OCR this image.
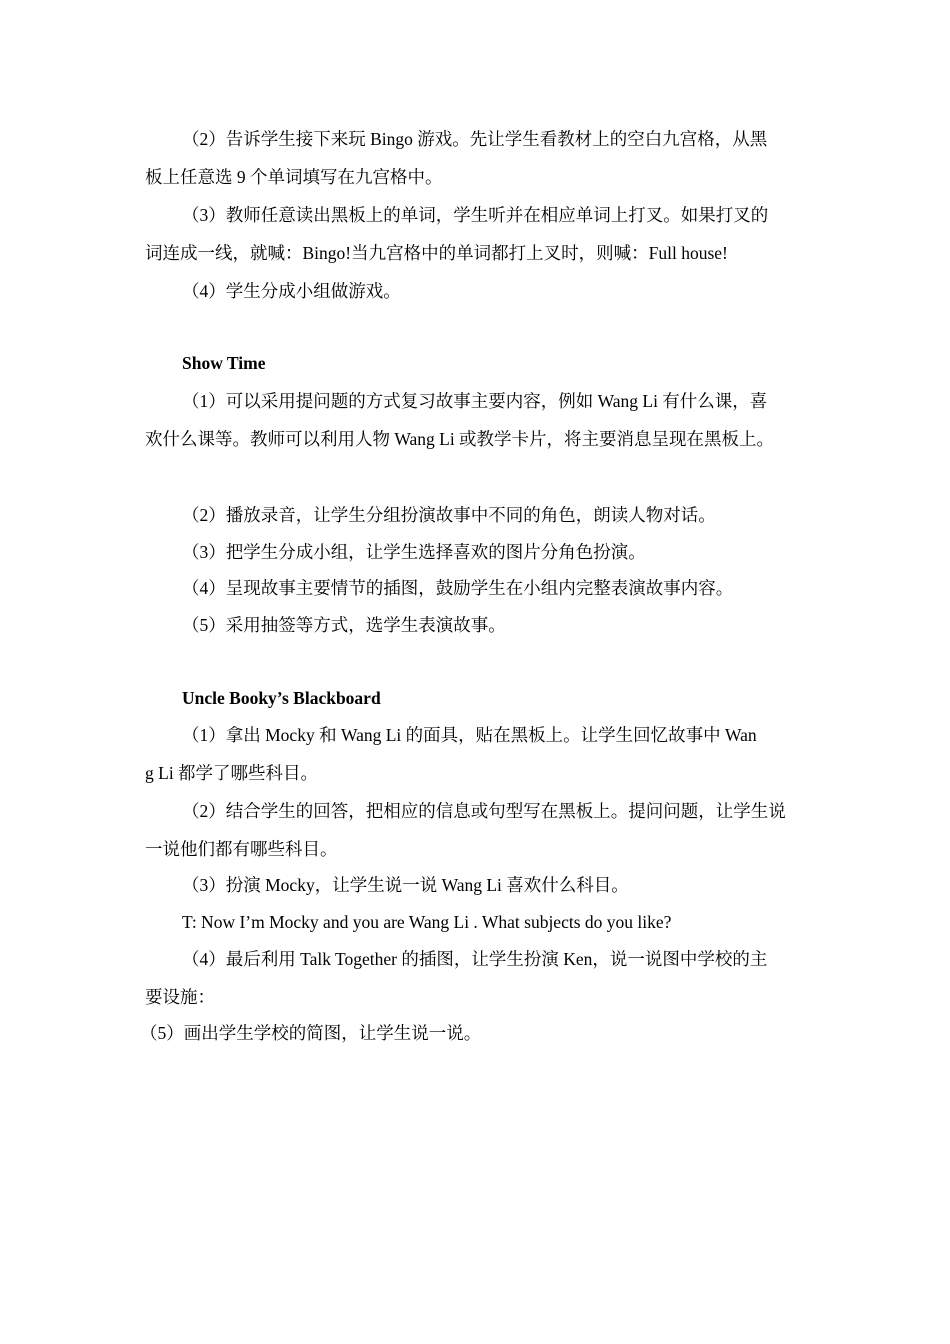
（2）告诉学生接下来玩 Bingo 游戏。先让学生看教材上的空白九宫格，从黑
板上任意选 9 个单词填写在九宫格中。
（3）教师任意读出黑板上的单词，学生听并在相应单词上打叉。如果打叉的
词连成一线，就喊：Bingo!当九宫格中的单词都打上叉时，则喊：Full house!
（4）学生分成小组做游戏。
Show Time
（1）可以采用提问题的方式复习故事主要内容，例如 Wang Li 有什么课，喜
欢什么课等。教师可以利用人物 Wang Li 或教学卡片，将主要消息呈现在黑板上。
（2）播放录音，让学生分组扮演故事中不同的角色，朗读人物对话。
（3）把学生分成小组，让学生选择喜欢的图片分角色扮演。
（4）呈现故事主要情节的插图，鼓励学生在小组内完整表演故事内容。
（5）采用抽签等方式，选学生表演故事。
Uncle Booky’s Blackboard
（1）拿出 Mocky 和 Wang Li 的面具，贴在黑板上。让学生回忆故事中 Wan
g Li 都学了哪些科目。
（2）结合学生的回答，把相应的信息或句型写在黑板上。提问问题，让学生说
一说他们都有哪些科目。
（3）扮演 Mocky，让学生说一说 Wang Li 喜欢什么科目。
T: Now I’m Mocky and you are Wang Li . What subjects do you like?
（4）最后利用 Talk Together 的插图，让学生扮演 Ken，说一说图中学校的主
要设施：
（5）画出学生学校的简图，让学生说一说。
